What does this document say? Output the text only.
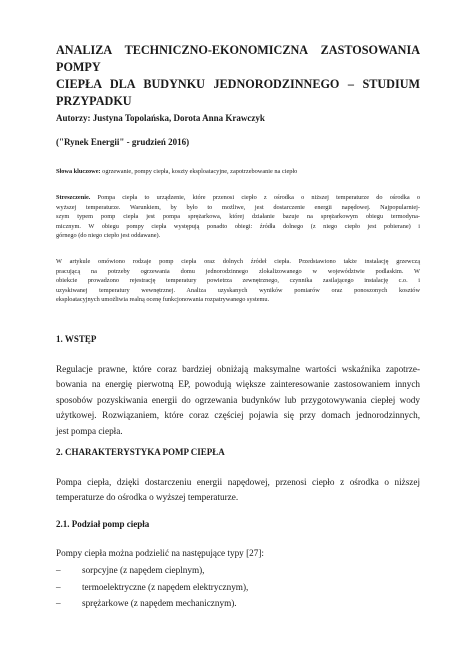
ANALIZA TECHNICZNO-EKONOMICZNA ZASTOSOWANIA POMPY
CIEPŁA DLA BUDYNKU JEDNORODZINNEGO – STUDIUM
PRZYPADKU
Autorzy: Justyna Topolańska, Dorota Anna Krawczyk
("Rynek Energii" - grudzień 2016)
Słowa kluczowe: ogrzewanie, pompy ciepła, koszty eksploatacyjne, zapotrzebowanie na ciepło
Streszczenie. Pompa ciepła to urządzenie, które przenosi ciepło z ośrodka o niższej temperaturze do ośrodka o
wyższej temperaturze. Warunkiem, by było to możliwe, jest dostarczenie energii napędowej. Najpopularniej-
szym typem pomp ciepła jest pompa sprężarkowa, której działanie bazuje na sprężarkowym obiegu termodyna-
micznym. W obiegu pompy ciepła występują ponadto obiegi: źródła dolnego (z niego ciepło jest pobierane) i
górnego (do niego ciepło jest oddawane).
W artykule omówiono rodzaje pomp ciepła oraz dolnych źródeł ciepła. Przedstawiono także instalację grzewczą
pracującą na potrzeby ogrzewania domu jednorodzinnego zlokalizowanego w województwie podlaskim. W
obiekcie prowadzono rejestrację temperatury powietrza zewnętrznego, czynnika zasilającego instalację c.o. i
uzyskiwanej temperatury wewnętrznej. Analiza uzyskanych wyników pomiarów oraz ponoszonych kosztów
eksploatacyjnych umożliwia realną ocenę funkcjonowania rozpatrywanego systemu.
1. WSTĘP
Regulacje prawne, które coraz bardziej obniżają maksymalne wartości wskaźnika zapotrze-
bowania na energię pierwotną EP, powodują większe zainteresowanie zastosowaniem innych
sposobów pozyskiwania energii do ogrzewania budynków lub przygotowywania ciepłej wody
użytkowej. Rozwiązaniem, które coraz częściej pojawia się przy domach jednorodzinnych,
jest pompa ciepła.
2. CHARAKTERYSTYKA POMP CIEPŁA
Pompa ciepła, dzięki dostarczeniu energii napędowej, przenosi ciepło z ośrodka o niższej
temperaturze do ośrodka o wyższej temperaturze.
2.1. Podział pomp ciepła
Pompy ciepła można podzielić na następujące typy [27]:
–	sorpcyjne (z napędem cieplnym),
–	termoelektryczne (z napędem elektrycznym),
–	sprężarkowe (z napędem mechanicznym).
